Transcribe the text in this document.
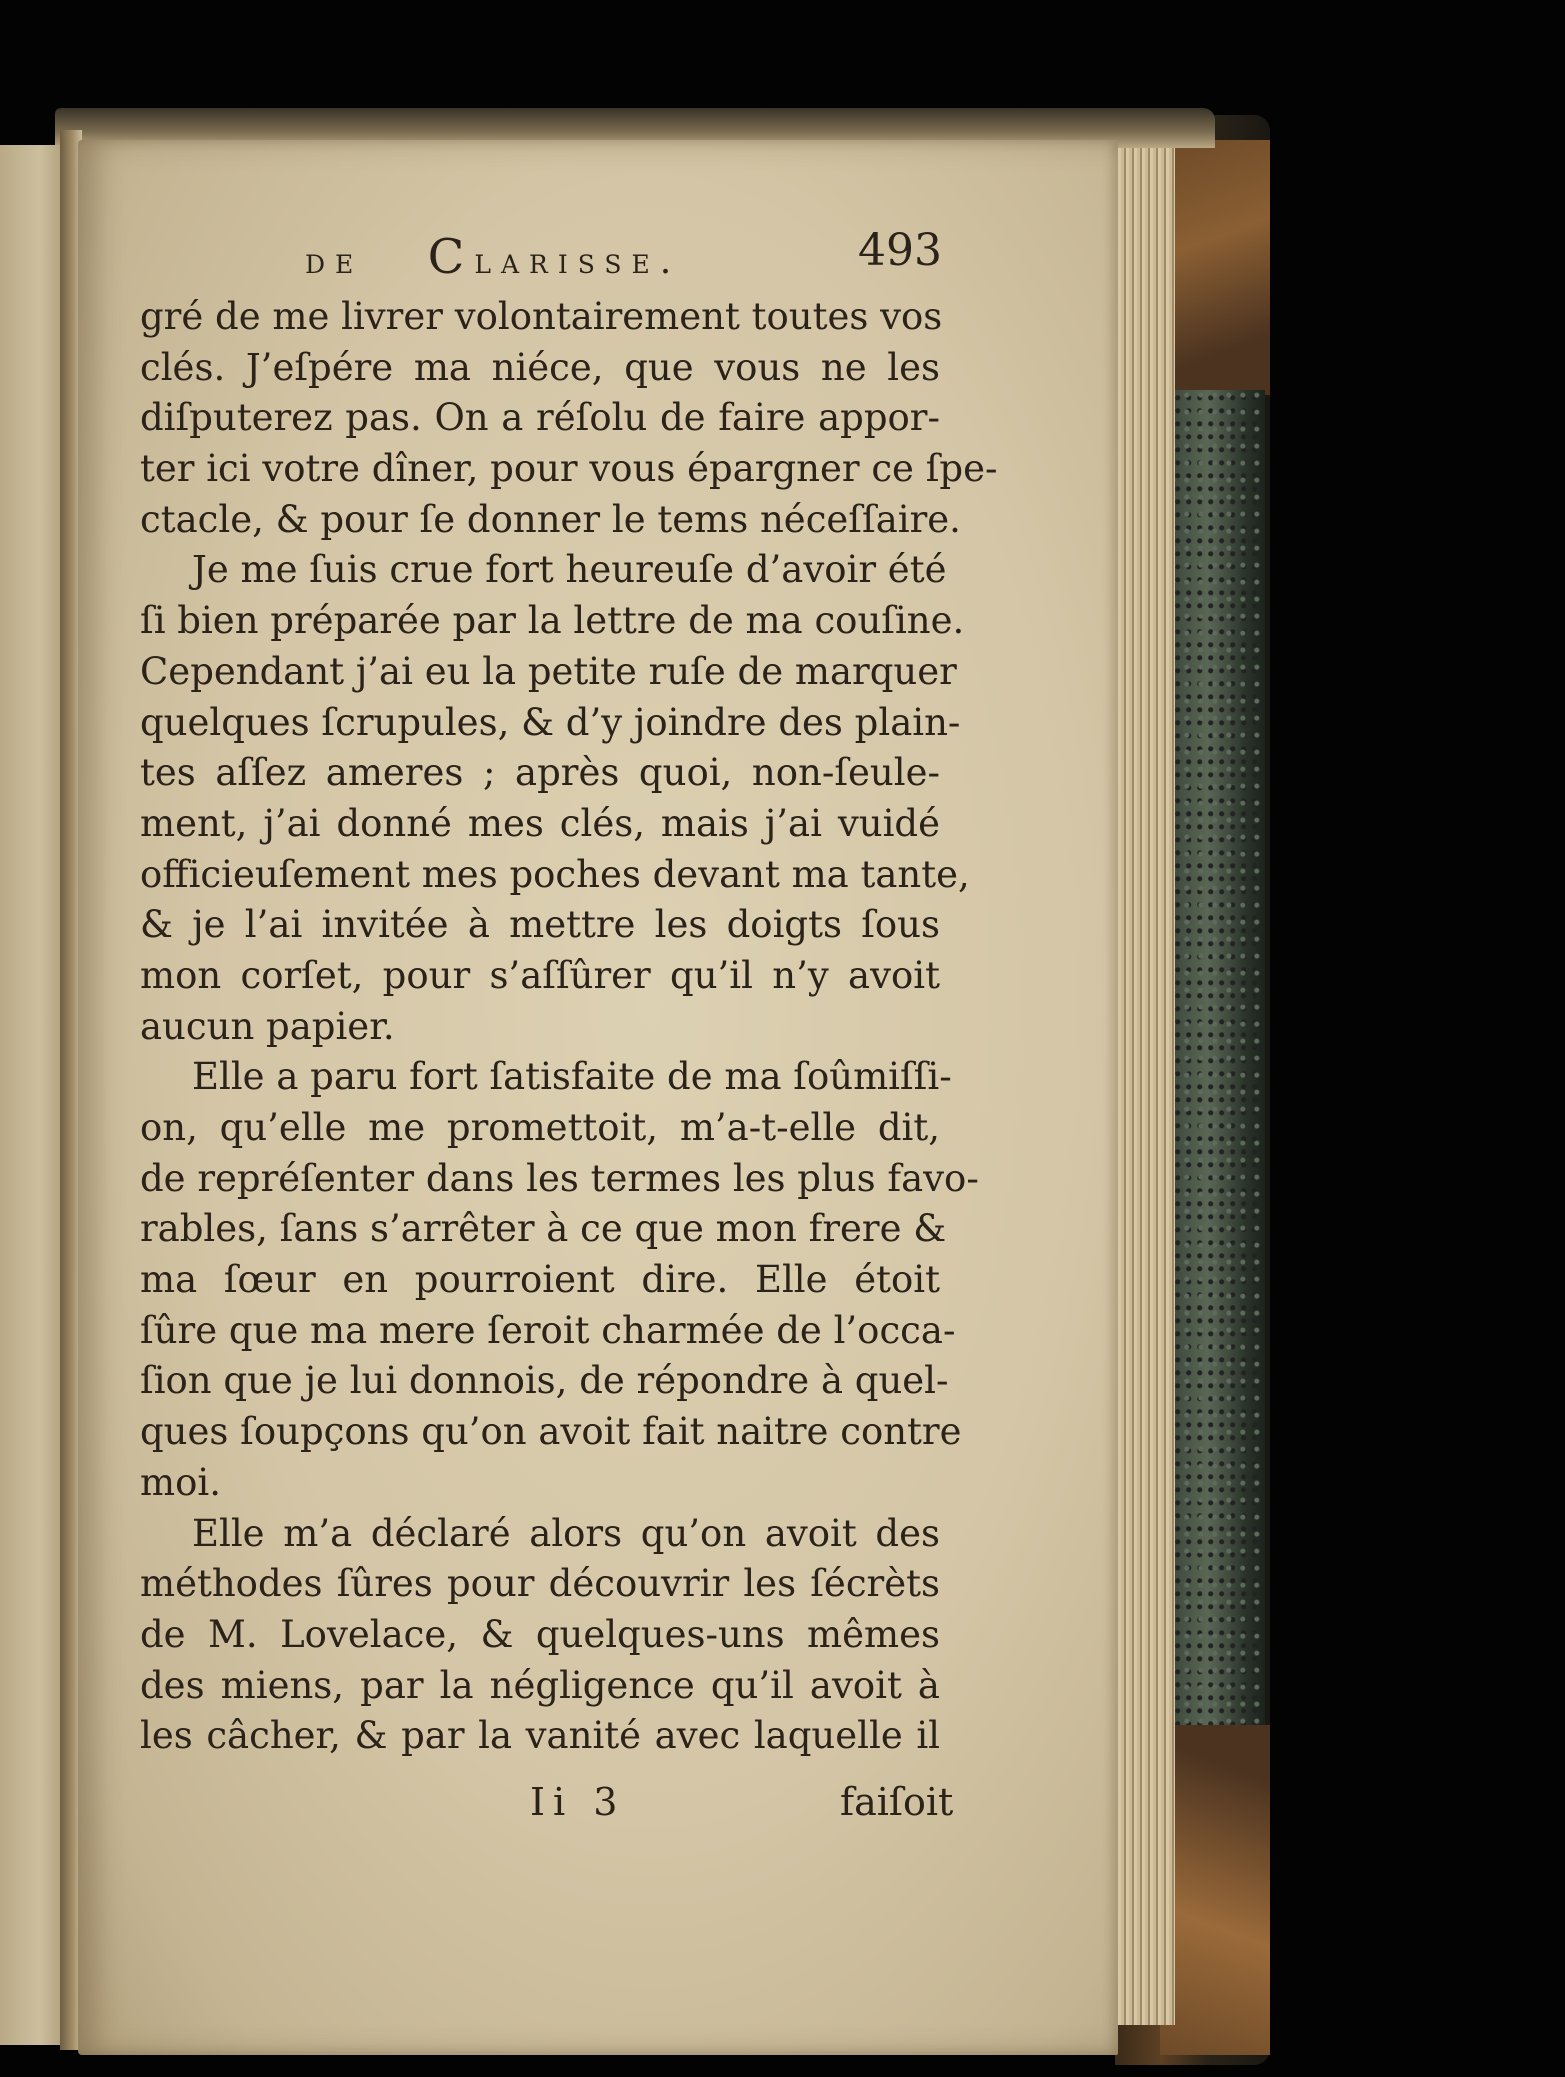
de Clarisse.	493
gré de me livrer volontairement toutes vos
clés. J’eſpére ma niéce, que vous ne les
diſputerez pas. On a réſolu de faire appor-
ter ici votre dîner, pour vous épargner ce ſpe-
ctacle, & pour ſe donner le tems néceſſaire.
Je me ſuis crue fort heureuſe d’avoir été
ſi bien préparée par la lettre de ma couſine.
Cependant j’ai eu la petite ruſe de marquer
quelques ſcrupules, & d’y joindre des plain-
tes aſſez ameres ; après quoi, non-ſeule-
ment, j’ai donné mes clés, mais j’ai vuidé
officieuſement mes poches devant ma tante,
& je l’ai invitée à mettre les doigts ſous
mon corſet, pour s’aſſûrer qu’il n’y avoit
aucun papier.
Elle a paru fort ſatisfaite de ma ſoûmiſſi-
on, qu’elle me promettoit, m’a-t-elle dit,
de repréſenter dans les termes les plus favo-
rables, ſans s’arrêter à ce que mon frere &
ma ſœur en pourroient dire. Elle étoit
ſûre que ma mere ſeroit charmée de l’occa-
ſion que je lui donnois, de répondre à quel-
ques ſoupçons qu’on avoit fait naitre contre
moi.
Elle m’a déclaré alors qu’on avoit des
méthodes ſûres pour découvrir les ſécrèts
de M. Lovelace, & quelques-uns mêmes
des miens, par la négligence qu’il avoit à
les câcher, & par la vanité avec laquelle il
Ii 3	faiſoit
